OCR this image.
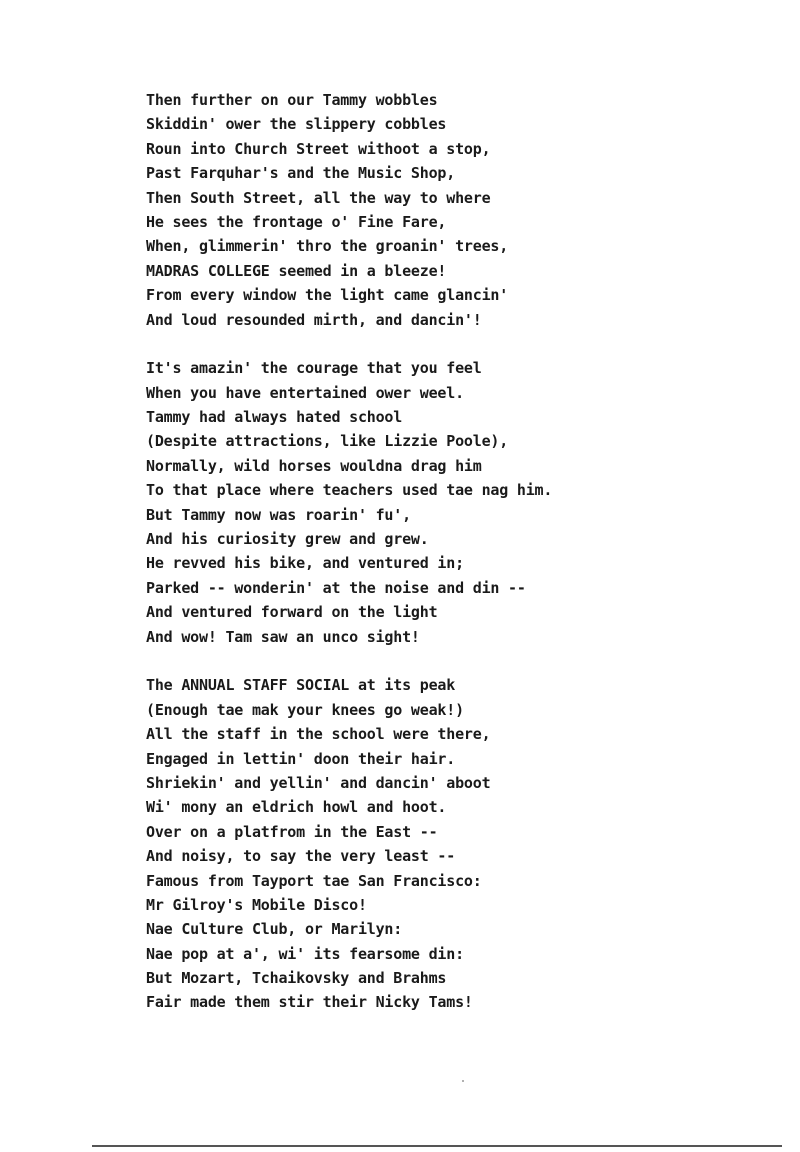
Then further on our Tammy wobbles
Skiddin' ower the slippery cobbles
Roun into Church Street withoot a stop,
Past Farquhar's and the Music Shop,
Then South Street, all the way to where
He sees the frontage o' Fine Fare,
When, glimmerin' thro the groanin' trees,
MADRAS COLLEGE seemed in a bleeze!
From every window the light came glancin'
And loud resounded mirth, and dancin'!
It's amazin' the courage that you feel
When you have entertained ower weel.
Tammy had always hated school
(Despite attractions, like Lizzie Poole),
Normally, wild horses wouldna drag him
To that place where teachers used tae nag him.
But Tammy now was roarin' fu',
And his curiosity grew and grew.
He revved his bike, and ventured in;
Parked -- wonderin' at the noise and din --
And ventured forward on the light
And wow! Tam saw an unco sight!
The ANNUAL STAFF SOCIAL at its peak
(Enough tae mak your knees go weak!)
All the staff in the school were there,
Engaged in lettin' doon their hair.
Shriekin' and yellin' and dancin' aboot
Wi' mony an eldrich howl and hoot.
Over on a platfrom in the East --
And noisy, to say the very least --
Famous from Tayport tae San Francisco:
Mr Gilroy's Mobile Disco!
Nae Culture Club, or Marilyn:
Nae pop at a', wi' its fearsome din:
But Mozart, Tchaikovsky and Brahms
Fair made them stir their Nicky Tams!
